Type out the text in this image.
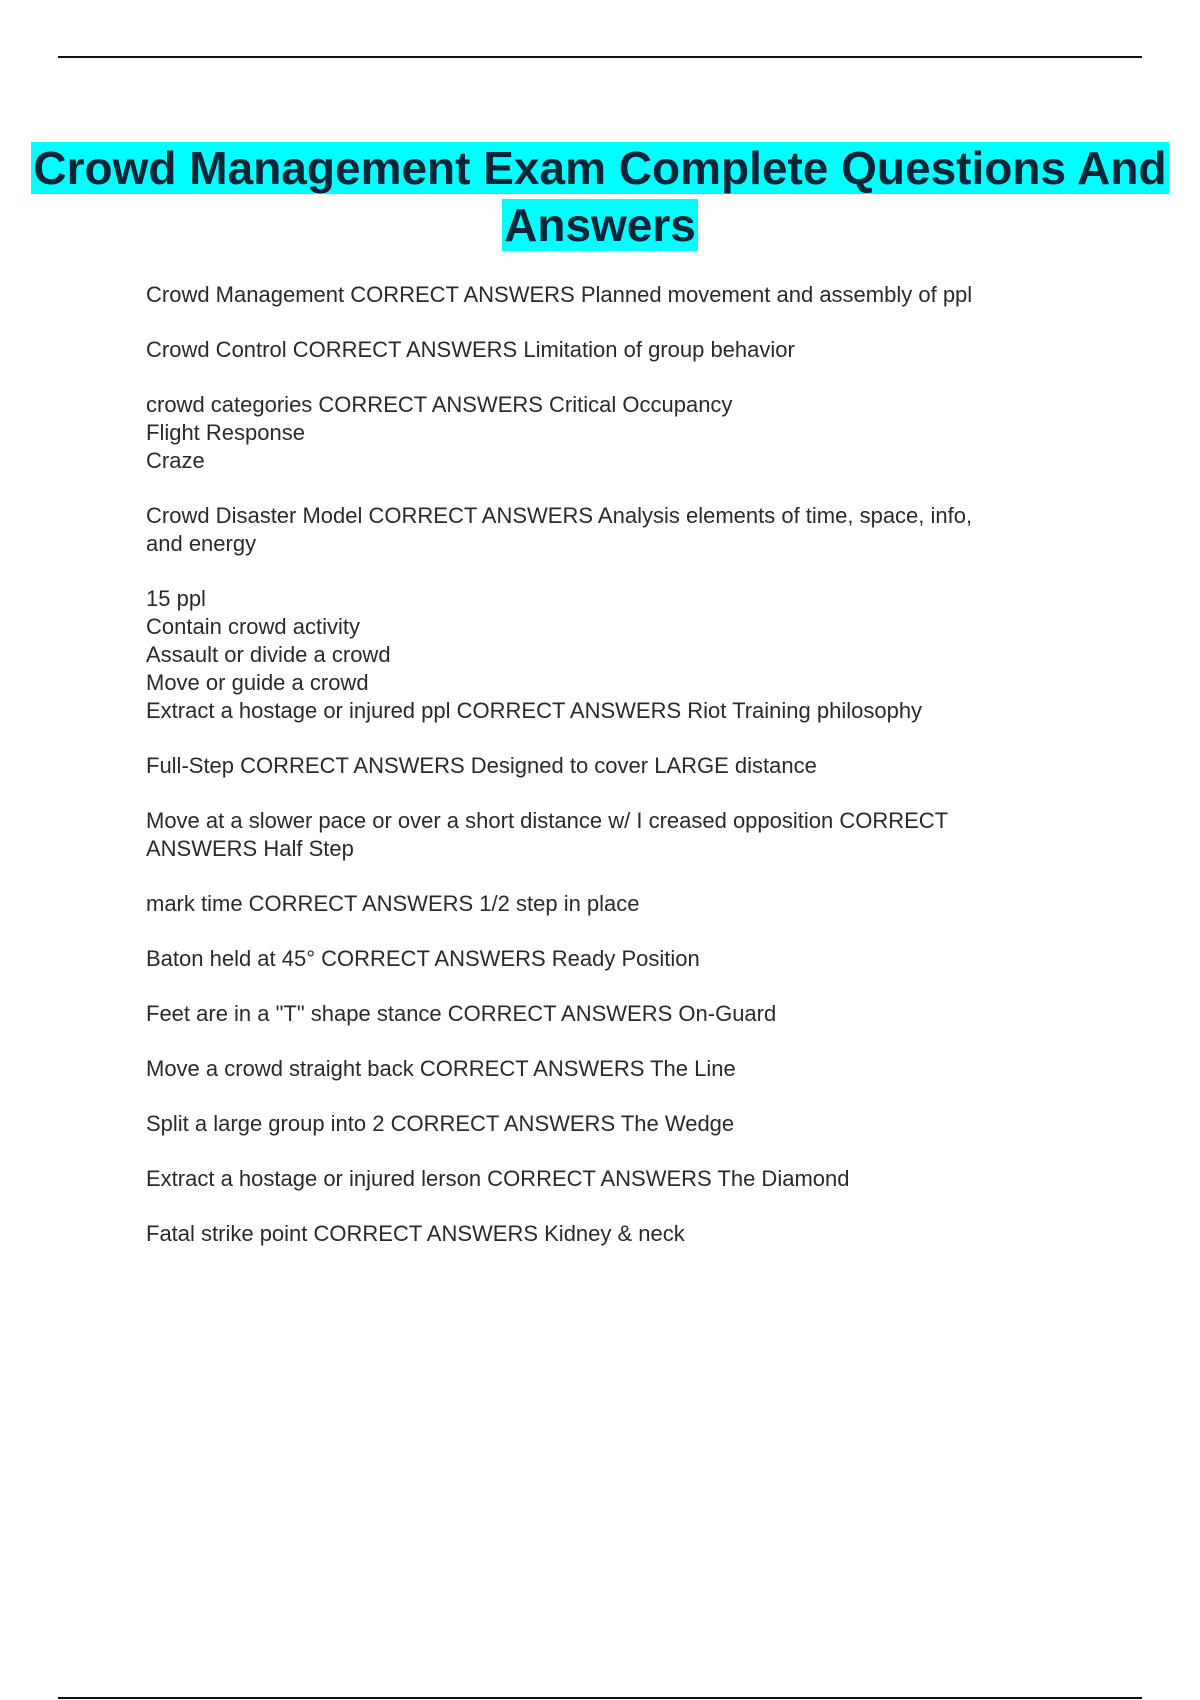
Crowd Management Exam Complete Questions And Answers

Crowd Management CORRECT ANSWERS Planned movement and assembly of ppl

Crowd Control CORRECT ANSWERS Limitation of group behavior

crowd categories CORRECT ANSWERS Critical Occupancy
Flight Response
Craze

Crowd Disaster Model CORRECT ANSWERS Analysis elements of time, space, info,
and energy

15 ppl
Contain crowd activity
Assault or divide a crowd
Move or guide a crowd
Extract a hostage or injured ppl CORRECT ANSWERS Riot Training philosophy

Full-Step CORRECT ANSWERS Designed to cover LARGE distance

Move at a slower pace or over a short distance w/ I creased opposition CORRECT
ANSWERS Half Step

mark time CORRECT ANSWERS 1/2 step in place

Baton held at 45° CORRECT ANSWERS Ready Position

Feet are in a "T" shape stance CORRECT ANSWERS On-Guard

Move a crowd straight back CORRECT ANSWERS The Line

Split a large group into 2 CORRECT ANSWERS The Wedge

Extract a hostage or injured lerson CORRECT ANSWERS The Diamond

Fatal strike point CORRECT ANSWERS Kidney & neck
